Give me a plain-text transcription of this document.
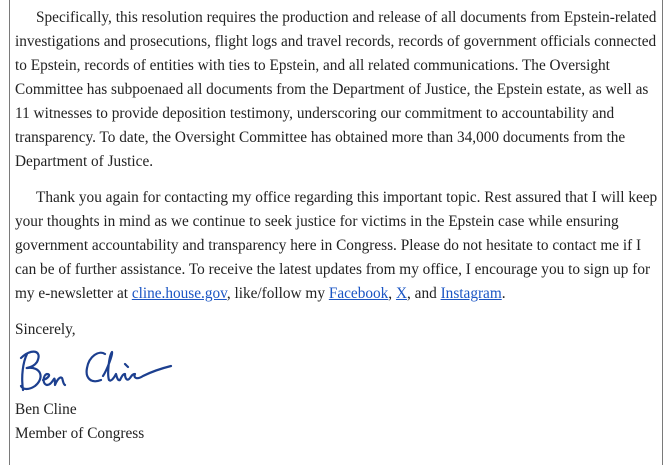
Specifically, this resolution requires the production and release of all documents from Epstein-related investigations and prosecutions, flight logs and travel records, records of government officials connected to Epstein, records of entities with ties to Epstein, and all related communications. The Oversight Committee has subpoenaed all documents from the Department of Justice, the Epstein estate, as well as 11 witnesses to provide deposition testimony, underscoring our commitment to accountability and transparency. To date, the Oversight Committee has obtained more than 34,000 documents from the Department of Justice.

Thank you again for contacting my office regarding this important topic. Rest assured that I will keep your thoughts in mind as we continue to seek justice for victims in the Epstein case while ensuring government accountability and transparency here in Congress. Please do not hesitate to contact me if I can be of further assistance. To receive the latest updates from my office, I encourage you to sign up for my e-newsletter at cline.house.gov, like/follow my Facebook, X, and Instagram.

Sincerely,

Ben Cline

Member of Congress
